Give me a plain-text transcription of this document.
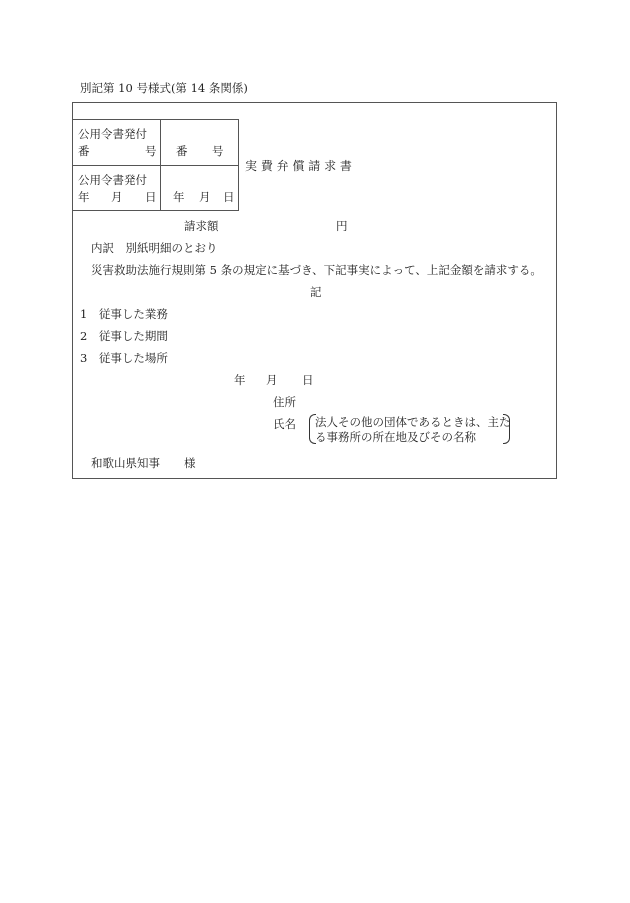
別記第 10 号様式(第 14 条関係)
公用令書発付
番	号 番 号
公用令書発付
年 月 日 年 月 日
実 費 弁 償 請 求 書
請求額	円
内訳　別紙明細のとおり
災害救助法施行規則第 5 条の規定に基づき、下記事実によって、上記金額を請求する。
記
1　従事した業務
2　従事した期間
3　従事した場所
年 月 日
住所
氏名 法人その他の団体であるときは、主た
る事務所の所在地及びその名称
和歌山県知事 様
